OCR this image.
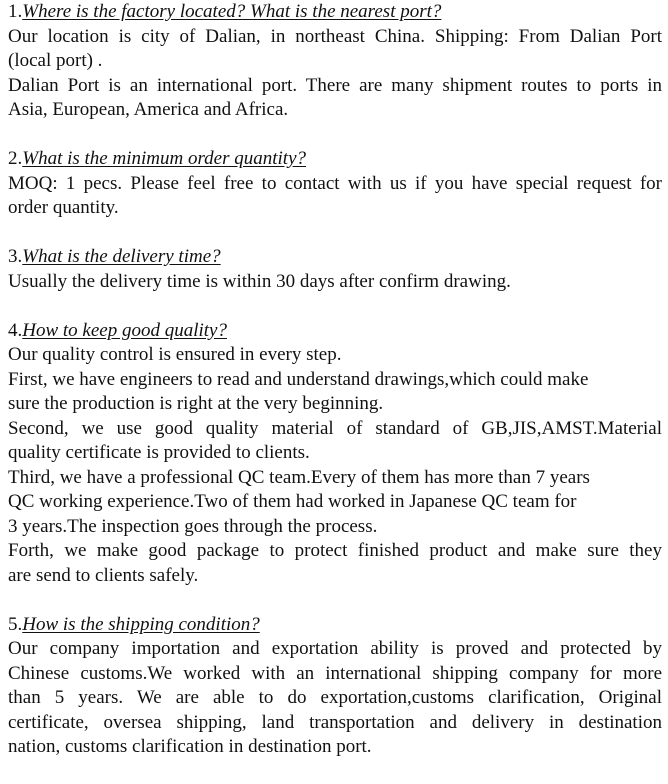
1.Where is the factory located? What is the nearest port?
Our location is city of Dalian, in northeast China. Shipping: From Dalian Port
(local port) .
Dalian Port is an international port. There are many shipment routes to ports in
Asia, European, America and Africa.
2.What is the minimum order quantity?
MOQ: 1 pecs. Please feel free to contact with us if you have special request for
order quantity.
3.What is the delivery time?
Usually the delivery time is within 30 days after confirm drawing.
4.How to keep good quality?
Our quality control is ensured in every step.
First, we have engineers to read and understand drawings,which could make
sure the production is right at the very beginning.
Second, we use good quality material of standard of GB,JIS,AMST.Material
quality certificate is provided to clients.
Third, we have a professional QC team.Every of them has more than 7 years
QC working experience.Two of them had worked in Japanese QC team for
3 years.The inspection goes through the process.
Forth, we make good package to protect finished product and make sure they
are send to clients safely.
5.How is the shipping condition?
Our company importation and exportation ability is proved and protected by
Chinese customs.We worked with an international shipping company for more
than 5 years. We are able to do exportation,customs clarification, Original
certificate, oversea shipping, land transportation and delivery in destination
nation, customs clarification in destination port.
